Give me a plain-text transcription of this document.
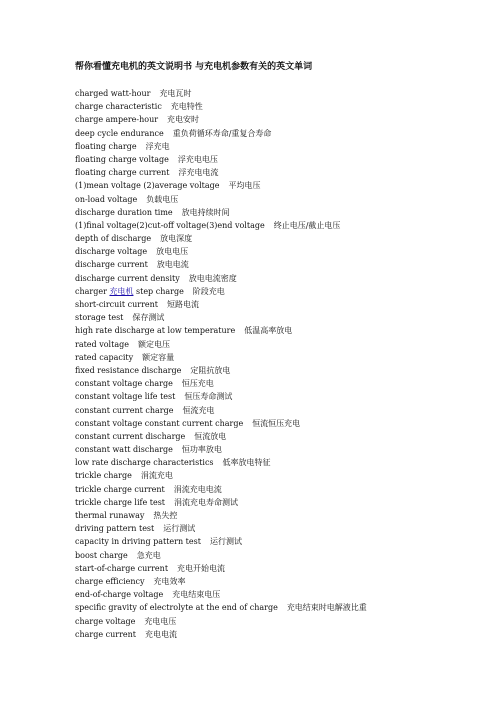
帮你看懂充电机的英文说明书 与充电机参数有关的英文单词
charged watt-hour 充电瓦时
charge characteristic 充电特性
charge ampere-hour 充电安时
deep cycle endurance 重负荷循环寿命/重复合寿命
floating charge 浮充电
floating charge voltage 浮充电电压
floating charge current 浮充电电流
(1)mean voltage (2)average voltage 平均电压
on-load voltage 负载电压
discharge duration time 放电持续时间
(1)final voltage(2)cut-off voltage(3)end voltage 终止电压/截止电压
depth of discharge 放电深度
discharge voltage 放电电压
discharge current 放电电流
discharge current density 放电电流密度
charger 充电机 step charge 阶段充电
short-circuit current 短路电流
storage test 保存测试
high rate discharge at low temperature 低温高率放电
rated voltage 额定电压
rated capacity 额定容量
fixed resistance discharge 定阻抗放电
constant voltage charge 恒压充电
constant voltage life test 恒压寿命测试
constant current charge 恒流充电
constant voltage constant current charge 恒流恒压充电
constant current discharge 恒流放电
constant watt discharge 恒功率放电
low rate discharge characteristics 低率放电特征
trickle charge 涓流充电
trickle charge current 涓流充电电流
trickle charge life test 涓流充电寿命测试
thermal runaway 热失控
driving pattern test 运行测试
capacity in driving pattern test 运行测试
boost charge 急充电
start-of-charge current 充电开始电流
charge efficiency 充电效率
end-of-charge voltage 充电结束电压
specific gravity of electrolyte at the end of charge 充电结束时电解液比重
charge voltage 充电电压
charge current 充电电流
